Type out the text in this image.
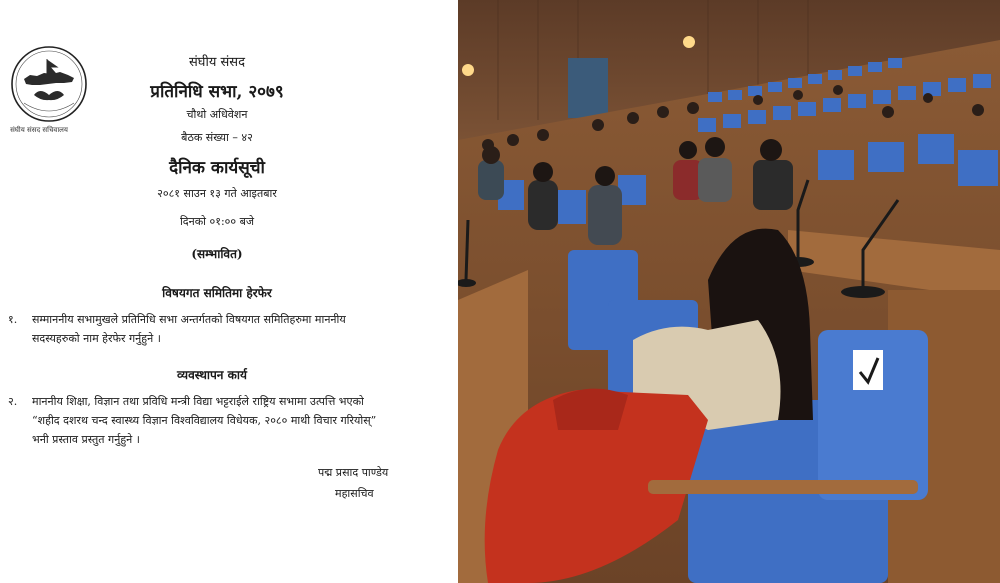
संघीय संसद सचिवालय
संघीय संसद
प्रतिनिधि सभा, २०७९
चौथो अधिवेशन
बैठक संख्या – ४२
दैनिक कार्यसूची
२०८१ साउन १३ गते आइतबार
दिनको ०१:०० बजे
(सम्भावित)
विषयगत समितिमा हेरफेर
१. सम्माननीय सभामुखले प्रतिनिधि सभा अन्तर्गतको विषयगत समितिहरुमा माननीय
सदस्यहरुको नाम हेरफेर गर्नुहुने ।
व्यवस्थापन कार्य
२. माननीय शिक्षा, विज्ञान तथा प्रविधि मन्त्री विद्या भट्टराईले राष्ट्रिय सभामा उत्पत्ति भएको
“शहीद दशरथ चन्द स्वास्थ्य विज्ञान विश्वविद्यालय विधेयक, २०८० माथी विचार गरियोस्”
भनी प्रस्ताव प्रस्तुत गर्नुहुने ।
पद्म प्रसाद पाण्डेय
महासचिव
